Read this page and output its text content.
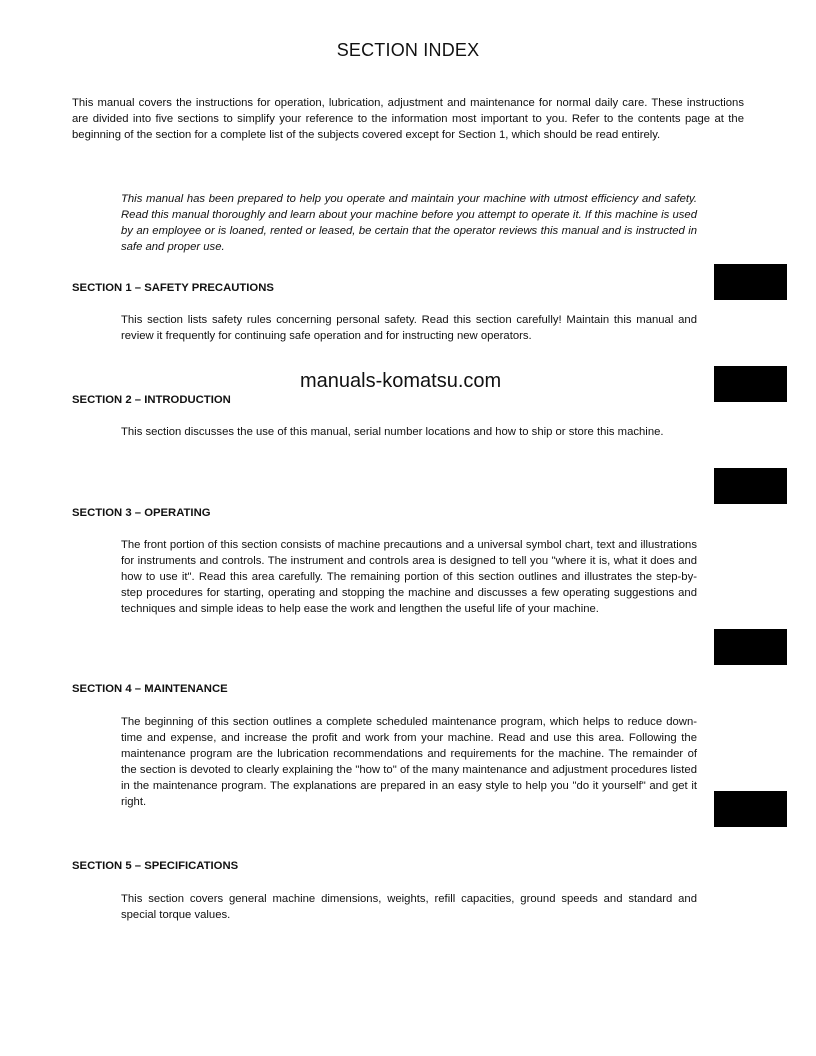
SECTION INDEX

This manual covers the instructions for operation, lubrication, adjustment and maintenance for normal daily care. These instructions are divided into five sections to simplify your reference to the information most important to you. Refer to the contents page at the beginning of the section for a complete list of the subjects covered except for Section 1, which should be read entirely.

This manual has been prepared to help you operate and maintain your machine with utmost efficiency and safety. Read this manual thoroughly and learn about your machine before you attempt to operate it. If this machine is used by an employee or is loaned, rented or leased, be certain that the operator reviews this manual and is instructed in safe and proper use.

SECTION 1 – SAFETY PRECAUTIONS

This section lists safety rules concerning personal safety. Read this section carefully! Maintain this manual and review it frequently for continuing safe operation and for instructing new operators.

manuals-komatsu.com

SECTION 2 – INTRODUCTION

This section discusses the use of this manual, serial number locations and how to ship or store this machine.

SECTION 3 – OPERATING

The front portion of this section consists of machine precautions and a universal symbol chart, text and illustrations for instruments and controls. The instrument and controls area is designed to tell you "where it is, what it does and how to use it". Read this area carefully. The remaining portion of this section outlines and illustrates the step-by-step procedures for starting, operating and stopping the machine and discusses a few operating suggestions and techniques and simple ideas to help ease the work and lengthen the useful life of your machine.

SECTION 4 – MAINTENANCE

The beginning of this section outlines a complete scheduled maintenance program, which helps to reduce down-time and expense, and increase the profit and work from your machine. Read and use this area. Following the maintenance program are the lubrication recommendations and requirements for the machine. The remainder of the section is devoted to clearly explaining the "how to" of the many maintenance and adjustment procedures listed in the maintenance program. The explanations are prepared in an easy style to help you "do it yourself" and get it right.

SECTION 5 – SPECIFICATIONS

This section covers general machine dimensions, weights, refill capacities, ground speeds and standard and special torque values.
